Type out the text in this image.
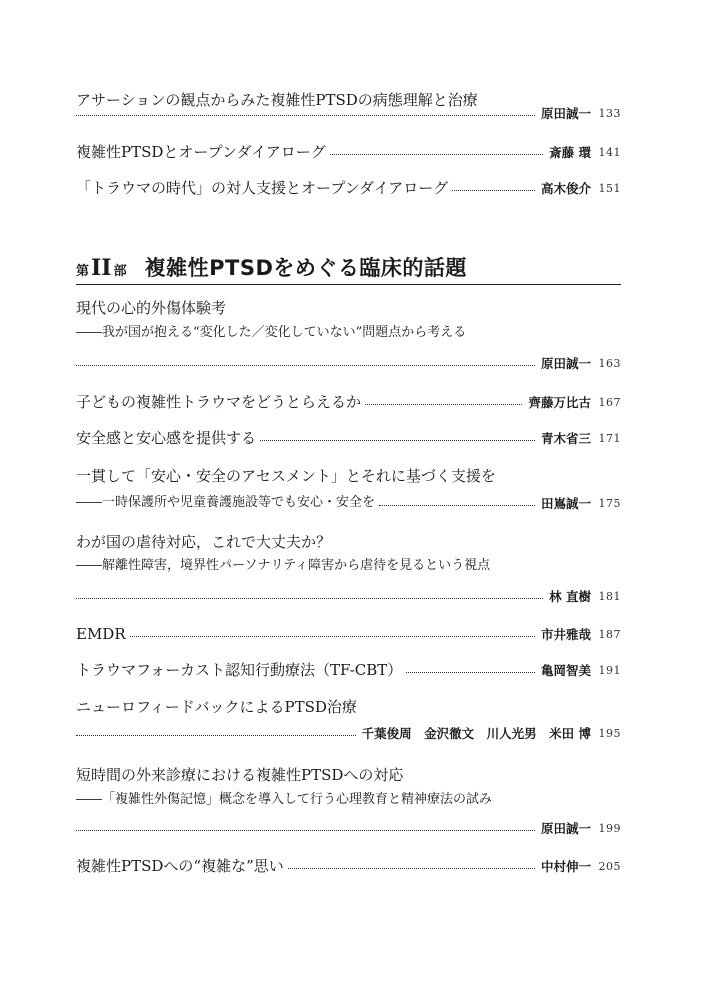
アサーションの観点からみた複雑性PTSDの病態理解と治療
原田誠一 133
複雑性PTSDとオープンダイアローグ	斎藤 環 141
「トラウマの時代」の対人支援とオープンダイアローグ	高木俊介 151
第 II 部 複雑性PTSDをめぐる臨床的話題
現代の心的外傷体験考
――我が国が抱える“変化した／変化していない”問題点から考える
原田誠一 163
子どもの複雑性トラウマをどうとらえるか	齊藤万比古 167
安全感と安心感を提供する	青木省三 171
一貫して「安心・安全のアセスメント」とそれに基づく支援を
――一時保護所や児童養護施設等でも安心・安全を	田嶌誠一 175
わが国の虐待対応，これで大丈夫か？
――解離性障害，境界性パーソナリティ障害から虐待を見るという視点
林 直樹 181
EMDR	市井雅哉 187
トラウマフォーカスト認知行動療法（TF-CBT）	亀岡智美 191
ニューロフィードバックによるPTSD治療
千葉俊周　金沢徹文　川人光男　米田 博 195
短時間の外来診療における複雑性PTSDへの対応
――「複雑性外傷記憶」概念を導入して行う心理教育と精神療法の試み
原田誠一 199
複雑性PTSDへの“複雑な”思い	中村伸一 205
